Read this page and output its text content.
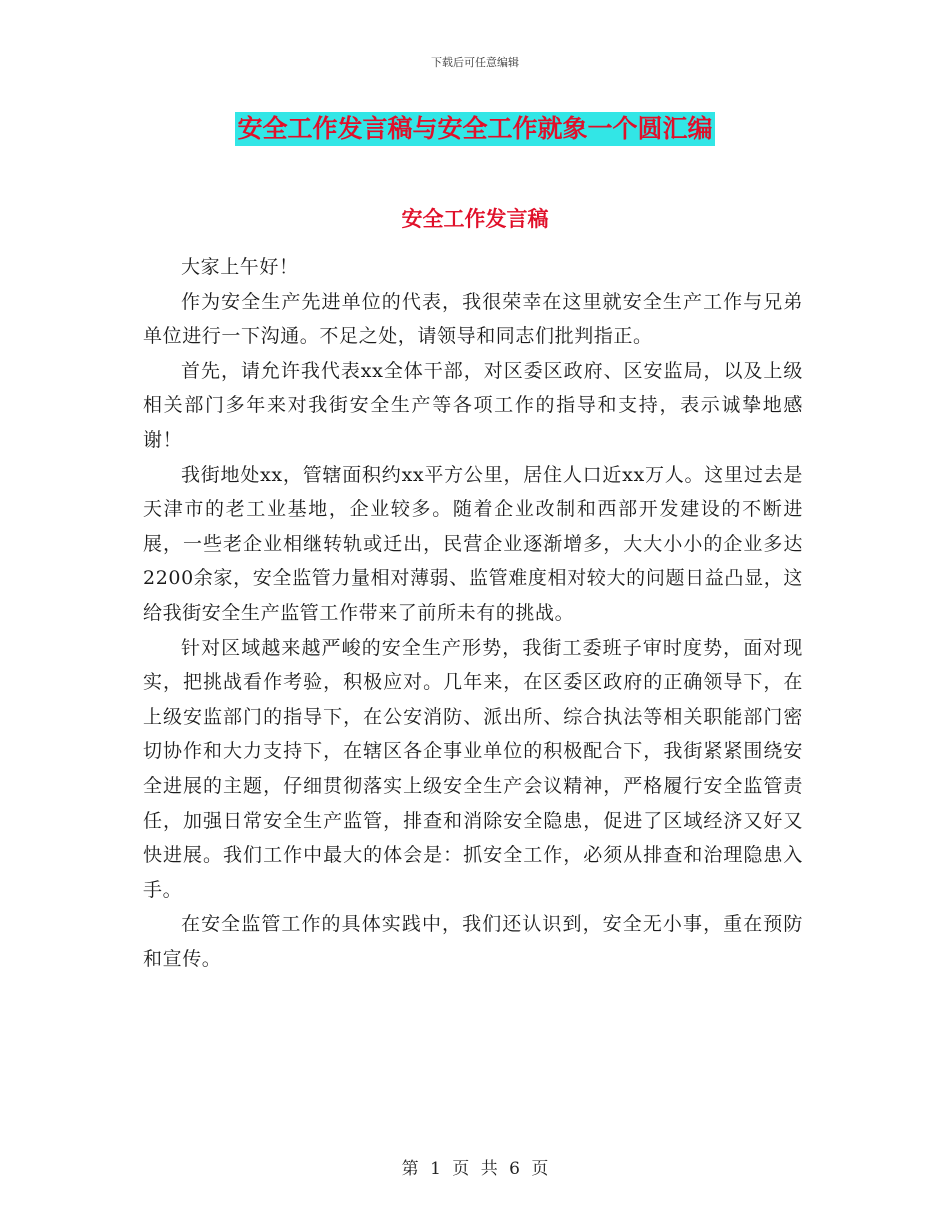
下载后可任意编辑
安全工作发言稿与安全工作就象一个圆汇编
安全工作发言稿

大家上午好！

作为安全生产先进单位的代表，我很荣幸在这里就安全生产工作与兄弟单位进行一下沟通。不足之处，请领导和同志们批判指正。

首先，请允许我代表xx全体干部，对区委区政府、区安监局，以及上级相关部门多年来对我街安全生产等各项工作的指导和支持，表示诚挚地感谢！

我街地处xx，管辖面积约xx平方公里，居住人口近xx万人。这里过去是天津市的老工业基地，企业较多。随着企业改制和西部开发建设的不断进展，一些老企业相继转轨或迁出，民营企业逐渐增多，大大小小的企业多达2200余家，安全监管力量相对薄弱、监管难度相对较大的问题日益凸显，这给我街安全生产监管工作带来了前所未有的挑战。

针对区域越来越严峻的安全生产形势，我街工委班子审时度势，面对现实，把挑战看作考验，积极应对。几年来，在区委区政府的正确领导下，在上级安监部门的指导下，在公安消防、派出所、综合执法等相关职能部门密切协作和大力支持下，在辖区各企事业单位的积极配合下，我街紧紧围绕安全进展的主题，仔细贯彻落实上级安全生产会议精神，严格履行安全监管责任，加强日常安全生产监管，排查和消除安全隐患，促进了区域经济又好又快进展。我们工作中最大的体会是：抓安全工作，必须从排查和治理隐患入手。

在安全监管工作的具体实践中，我们还认识到，安全无小事，重在预防和宣传。

第 1 页 共 6 页
